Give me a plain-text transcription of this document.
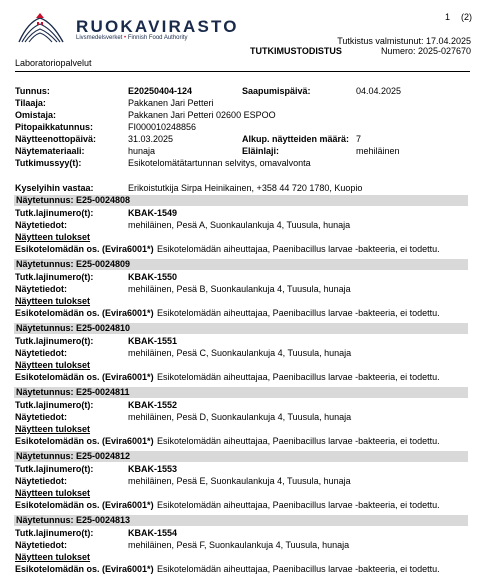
RUOKAVIRASTO
Livsmedelsverket • Finnish Food Authority
1 (2)
Tutkistus valmistunut: 17.04.2025
TUTKIMUSTODISTUS	Numero: 2025-027670
Laboratoriopalvelut
Tunnus:	E20250404-124	Saapumispäivä:	04.04.2025
Tilaaja:	Pakkanen Jari Petteri
Omistaja:	Pakkanen Jari Petteri 02600 ESPOO
Pitopaikkatunnus:	FI000010248856
Näytteenottopäivä:	31.03.2025	Alkup. näytteiden määrä: 7
Näytemateriaali:	hunaja	Eläinlaji:	mehiläinen
Tutkimussyy(t):	Esikotelomätätartunnan selvitys, omavalvonta
Kyselyihin vastaa:	Erikoistutkija Sirpa Heinikainen, +358 44 720 1780, Kuopio
Näytetunnus: E25-0024808
Tutk.lajinumero(t):	KBAK-1549
Näytetiedot:	mehiläinen, Pesä A, Suonkaulankuja 4, Tuusula, hunaja
Näytteen tulokset
Esikotelomädän os. (Evira6001*) Esikotelomädän aiheuttajaa, Paenibacillus larvae -bakteeria, ei todettu.
Näytetunnus: E25-0024809
Tutk.lajinumero(t):	KBAK-1550
Näytetiedot:	mehiläinen, Pesä B, Suonkaulankuja 4, Tuusula, hunaja
Näytteen tulokset
Esikotelomädän os. (Evira6001*) Esikotelomädän aiheuttajaa, Paenibacillus larvae -bakteeria, ei todettu.
Näytetunnus: E25-0024810
Tutk.lajinumero(t):	KBAK-1551
Näytetiedot:	mehiläinen, Pesä C, Suonkaulankuja 4, Tuusula, hunaja
Näytteen tulokset
Esikotelomädän os. (Evira6001*) Esikotelomädän aiheuttajaa, Paenibacillus larvae -bakteeria, ei todettu.
Näytetunnus: E25-0024811
Tutk.lajinumero(t):	KBAK-1552
Näytetiedot:	mehiläinen, Pesä D, Suonkaulankuja 4, Tuusula, hunaja
Näytteen tulokset
Esikotelomädän os. (Evira6001*) Esikotelomädän aiheuttajaa, Paenibacillus larvae -bakteeria, ei todettu.
Näytetunnus: E25-0024812
Tutk.lajinumero(t):	KBAK-1553
Näytetiedot:	mehiläinen, Pesä E, Suonkaulankuja 4, Tuusula, hunaja
Näytteen tulokset
Esikotelomädän os. (Evira6001*) Esikotelomädän aiheuttajaa, Paenibacillus larvae -bakteeria, ei todettu.
Näytetunnus: E25-0024813
Tutk.lajinumero(t):	KBAK-1554
Näytetiedot:	mehiläinen, Pesä F, Suonkaulankuja 4, Tuusula, hunaja
Näytteen tulokset
Esikotelomädän os. (Evira6001*) Esikotelomädän aiheuttajaa, Paenibacillus larvae -bakteeria, ei todettu.
